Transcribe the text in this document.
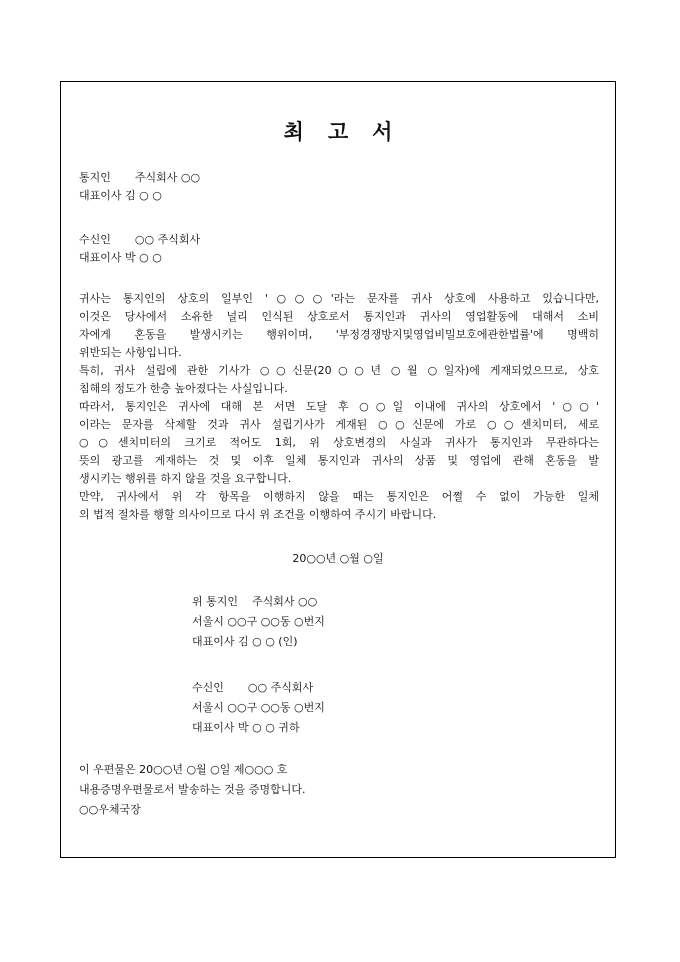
최 고 서
통지인 주식회사 ○○
대표이사 김 ○ ○
수신인 ○○ 주식회사
대표이사 박 ○ ○
귀사는 통지인의 상호의 일부인 '○○○'라는 문자를 귀사 상호에 사용하고 있습니다만,
이것은 당사에서 소유한 널리 인식된 상호로서 통지인과 귀사의 영업활동에 대해서 소비
자에게 혼동을 발생시키는 행위이며, '부정경쟁방지및영업비밀보호에관한법률'에 명백히
위반되는 사항입니다.
특히, 귀사 설립에 관한 기사가 ○○신문(20○○년 ○월 ○일자)에 게재되었으므로, 상호
침해의 정도가 한층 높아졌다는 사실입니다.
따라서, 통지인은 귀사에 대해 본 서면 도달 후 ○○일 이내에 귀사의 상호에서 '○○'
이라는 문자를 삭제할 것과 귀사 설립기사가 게재된 ○○신문에 가로 ○○센치미터, 세로
○○센치미터의 크기로 적어도 1회, 위 상호변경의 사실과 귀사가 통지인과 무관하다는
뜻의 광고를 게재하는 것 및 이후 일체 통지인과 귀사의 상품 및 영업에 관해 혼동을 발
생시키는 행위를 하지 않을 것을 요구합니다.
만약, 귀사에서 위 각 항목을 이행하지 않을 때는 통지인은 어쩔 수 없이 가능한 일체
의 법적 절차를 행할 의사이므로 다시 위 조건을 이행하여 주시기 바랍니다.
20○○년 ○월 ○일
위 통지인 주식회사 ○○
서울시 ○○구 ○○동 ○번지
대표이사 김 ○ ○ (인)
수신인 ○○ 주식회사
서울시 ○○구 ○○동 ○번지
대표이사 박 ○ ○ 귀하
이 우편물은 20○○년 ○월 ○일 제○○○ 호
내용증명우편물로서 발송하는 것을 증명합니다.
○○우체국장
